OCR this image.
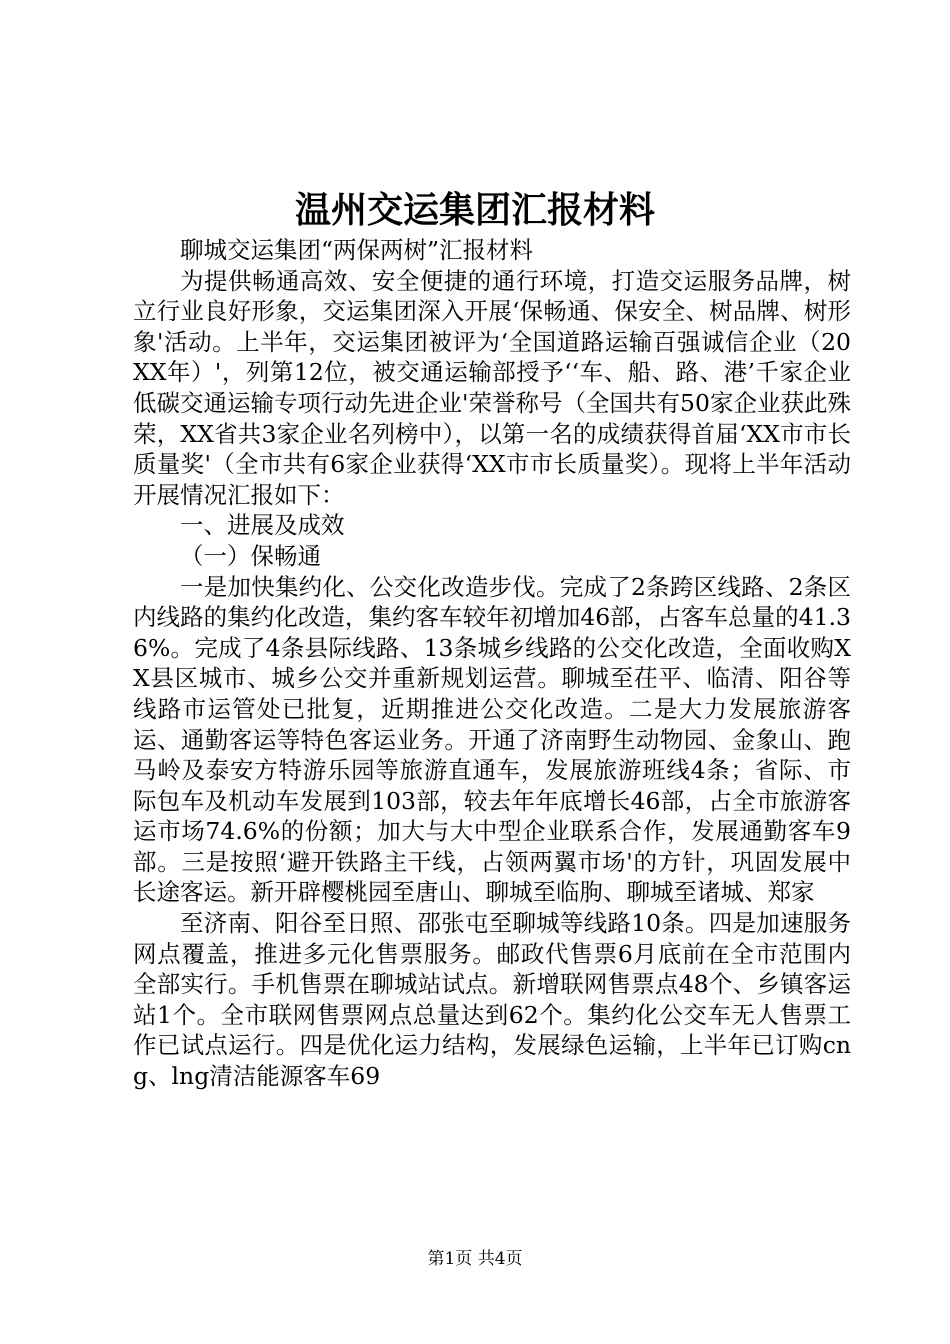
温州交运集团汇报材料

聊城交运集团“两保两树”汇报材料

为提供畅通高效、安全便捷的通行环境，打造交运服务品牌，树立行业良好形象，交运集团深入开展‘保畅通、保安全、树品牌、树形象'活动。上半年，交运集团被评为‘全国道路运输百强诚信企业（20XX年）'，列第12位，被交通运输部授予‘‘车、船、路、港’千家企业低碳交通运输专项行动先进企业'荣誉称号（全国共有50家企业获此殊荣，XX省共3家企业名列榜中），以第一名的成绩获得首届‘XX市市长质量奖'（全市共有6家企业获得‘XX市市长质量奖）。现将上半年活动开展情况汇报如下：

一、进展及成效

（一）保畅通

一是加快集约化、公交化改造步伐。完成了2条跨区线路、2条区内线路的集约化改造，集约客车较年初增加46部，占客车总量的41.36%。完成了4条县际线路、13条城乡线路的公交化改造，全面收购XX县区城市、城乡公交并重新规划运营。聊城至茌平、临清、阳谷等线路市运管处已批复，近期推进公交化改造。二是大力发展旅游客运、通勤客运等特色客运业务。开通了济南野生动物园、金象山、跑马岭及泰安方特游乐园等旅游直通车，发展旅游班线4条；省际、市际包车及机动车发展到103部，较去年年底增长46部，占全市旅游客运市场74.6%的份额；加大与大中型企业联系合作，发展通勤客车9部。三是按照‘避开铁路主干线，占领两翼市场'的方针，巩固发展中长途客运。新开辟樱桃园至唐山、聊城至临朐、聊城至诸城、郑家

至济南、阳谷至日照、邵张屯至聊城等线路10条。四是加速服务网点覆盖，推进多元化售票服务。邮政代售票6月底前在全市范围内全部实行。手机售票在聊城站试点。新增联网售票点48个、乡镇客运站1个。全市联网售票网点总量达到62个。集约化公交车无人售票工作已试点运行。四是优化运力结构，发展绿色运输，上半年已订购cng、lng清洁能源客车69

第1页 共4页
